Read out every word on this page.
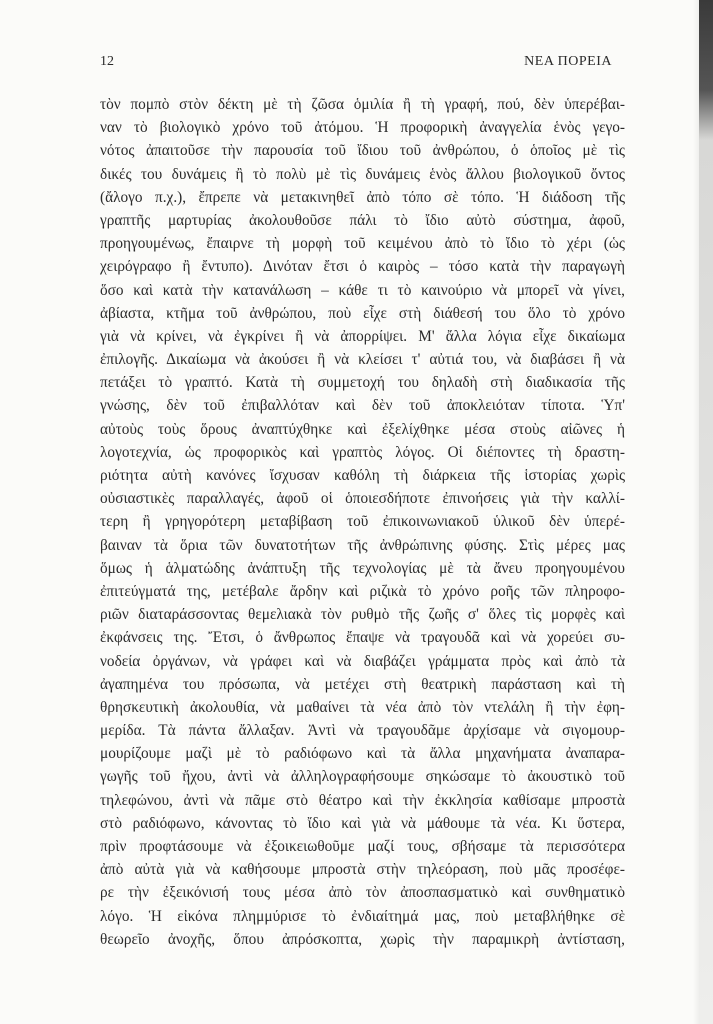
12	ΝΕΑ ΠΟΡΕΙΑ
τὸν πομπὸ στὸν δέκτη μὲ τὴ ζῶσα ὁμιλία ἢ τὴ γραφή, πού, δὲν ὑπερέβαι-
ναν τὸ βιολογικὸ χρόνο τοῦ ἀτόμου. Ἡ προφορικὴ ἀναγγελία ἑνὸς γεγο-
νότος ἀπαιτοῦσε τὴν παρουσία τοῦ ἴδιου τοῦ ἀνθρώπου, ὁ ὁποῖος μὲ τὶς
δικές του δυνάμεις ἢ τὸ πολὺ μὲ τὶς δυνάμεις ἑνὸς ἄλλου βιολογικοῦ ὄντος
(ἄλογο π.χ.), ἔπρεπε νὰ μετακινηθεῖ ἀπὸ τόπο σὲ τόπο. Ἡ διάδοση τῆς
γραπτῆς μαρτυρίας ἀκολουθοῦσε πάλι τὸ ἴδιο αὐτὸ σύστημα, ἀφοῦ,
προηγουμένως, ἔπαιρνε τὴ μορφὴ τοῦ κειμένου ἀπὸ τὸ ἴδιο τὸ χέρι (ὡς
χειρόγραφο ἢ ἔντυπο). Δινόταν ἔτσι ὁ καιρὸς – τόσο κατὰ τὴν παραγωγὴ
ὅσο καὶ κατὰ τὴν κατανάλωση – κάθε τι τὸ καινούριο νὰ μπορεῖ νὰ γίνει,
ἀβίαστα, κτῆμα τοῦ ἀνθρώπου, ποὺ εἶχε στὴ διάθεσή του ὅλο τὸ χρόνο
γιὰ νὰ κρίνει, νὰ ἐγκρίνει ἢ νὰ ἀπορρίψει. Μ' ἄλλα λόγια εἶχε δικαίωμα
ἐπιλογῆς. Δικαίωμα νὰ ἀκούσει ἢ νὰ κλείσει τ' αὐτιά του, νὰ διαβάσει ἢ νὰ
πετάξει τὸ γραπτό. Κατὰ τὴ συμμετοχή του δηλαδὴ στὴ διαδικασία τῆς
γνώσης, δὲν τοῦ ἐπιβαλλόταν καὶ δὲν τοῦ ἀποκλειόταν τίποτα. Ὑπ'
αὐτοὺς τοὺς ὅρους ἀναπτύχθηκε καὶ ἐξελίχθηκε μέσα στοὺς αἰῶνες ἡ
λογοτεχνία, ὡς προφορικὸς καὶ γραπτὸς λόγος. Οἱ διέποντες τὴ δραστη-
ριότητα αὐτὴ κανόνες ἴσχυσαν καθόλη τὴ διάρκεια τῆς ἱστορίας χωρὶς
οὐσιαστικὲς παραλλαγές, ἀφοῦ οἱ ὁποιεσδήποτε ἐπινοήσεις γιὰ τὴν καλλί-
τερη ἢ γρηγορότερη μεταβίβαση τοῦ ἐπικοινωνιακοῦ ὑλικοῦ δὲν ὑπερέ-
βαιναν τὰ ὅρια τῶν δυνατοτήτων τῆς ἀνθρώπινης φύσης. Στὶς μέρες μας
ὅμως ἡ ἁλματώδης ἀνάπτυξη τῆς τεχνολογίας μὲ τὰ ἄνευ προηγουμένου
ἐπιτεύγματά της, μετέβαλε ἄρδην καὶ ριζικὰ τὸ χρόνο ροῆς τῶν πληροφο-
ριῶν διαταράσσοντας θεμελιακὰ τὸν ρυθμὸ τῆς ζωῆς σ' ὅλες τὶς μορφὲς καὶ
ἐκφάνσεις της. Ἔτσι, ὁ ἄνθρωπος ἔπαψε νὰ τραγουδᾶ καὶ νὰ χορεύει συ-
νοδεία ὀργάνων, νὰ γράφει καὶ νὰ διαβάζει γράμματα πρὸς καὶ ἀπὸ τὰ
ἀγαπημένα του πρόσωπα, νὰ μετέχει στὴ θεατρικὴ παράσταση καὶ τὴ
θρησκευτικὴ ἀκολουθία, νὰ μαθαίνει τὰ νέα ἀπὸ τὸν ντελάλη ἢ τὴν ἐφη-
μερίδα. Τὰ πάντα ἄλλαξαν. Ἀντὶ νὰ τραγουδᾶμε ἀρχίσαμε νὰ σιγομουρ-
μουρίζουμε μαζὶ μὲ τὸ ραδιόφωνο καὶ τὰ ἄλλα μηχανήματα ἀναπαρα-
γωγῆς τοῦ ἤχου, ἀντὶ νὰ ἀλληλογραφήσουμε σηκώσαμε τὸ ἀκουστικὸ τοῦ
τηλεφώνου, ἀντὶ νὰ πᾶμε στὸ θέατρο καὶ τὴν ἐκκλησία καθίσαμε μπροστὰ
στὸ ραδιόφωνο, κάνοντας τὸ ἴδιο καὶ γιὰ νὰ μάθουμε τὰ νέα. Κι ὕστερα,
πρὶν προφτάσουμε νὰ ἐξοικειωθοῦμε μαζί τους, σβήσαμε τὰ περισσότερα
ἀπὸ αὐτὰ γιὰ νὰ καθήσουμε μπροστὰ στὴν τηλεόραση, ποὺ μᾶς προσέφε-
ρε τὴν ἐξεικόνισή τους μέσα ἀπὸ τὸν ἀποσπασματικὸ καὶ συνθηματικὸ
λόγο. Ἡ εἰκόνα πλημμύρισε τὸ ἐνδιαίτημά μας, ποὺ μεταβλήθηκε σὲ
θεωρεῖο ἀνοχῆς, ὅπου ἀπρόσκοπτα, χωρὶς τὴν παραμικρὴ ἀντίσταση,
